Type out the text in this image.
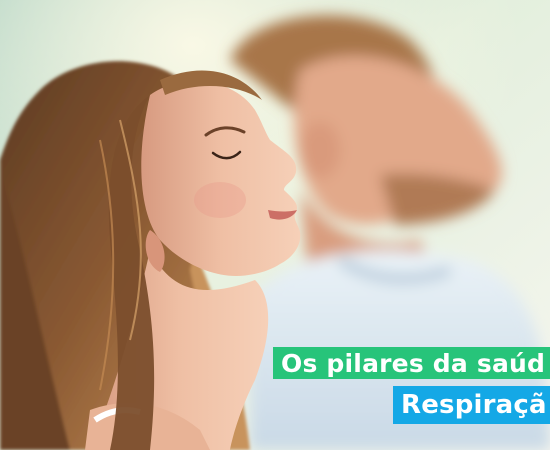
Os pilares da saúd
Respiraçã
